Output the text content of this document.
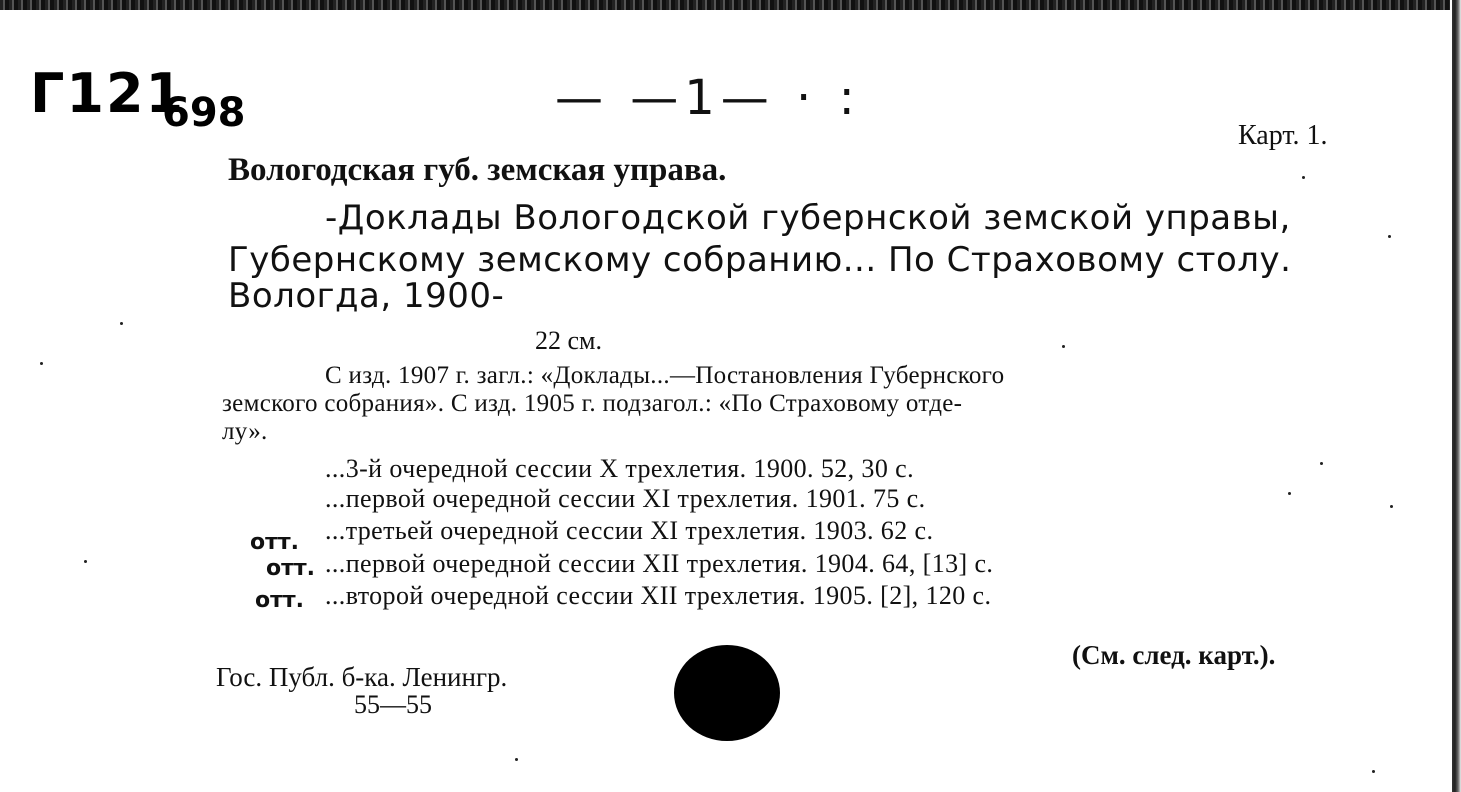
Г121
698	— —1— · :
Карт. 1.
Вологодская губ. земская управа.
-Доклады Вологодской губернской земской управы,
Губернскому земскому собранию... По Страховому столу.
Вологда, 1900-
22 см.
С изд. 1907 г. загл.: «Доклады...—Постановления Губернского
земского собрания». С изд. 1905 г. подзагол.: «По Страховому отде-
лу».
...3-й очередной сессии X трехлетия. 1900. 52, 30 с.
...первой очередной сессии XI трехлетия. 1901. 75 с.
...третьей очередной сессии XI трехлетия. 1903. 62 с.
...первой очередной сессии XII трехлетия. 1904. 64, [13] с.
...второй очередной сессии XII трехлетия. 1905. [2], 120 с.
отт.
отт.
отт.
(См. след. карт.).
Гос. Публ. б-ка. Ленингр.
55—55
